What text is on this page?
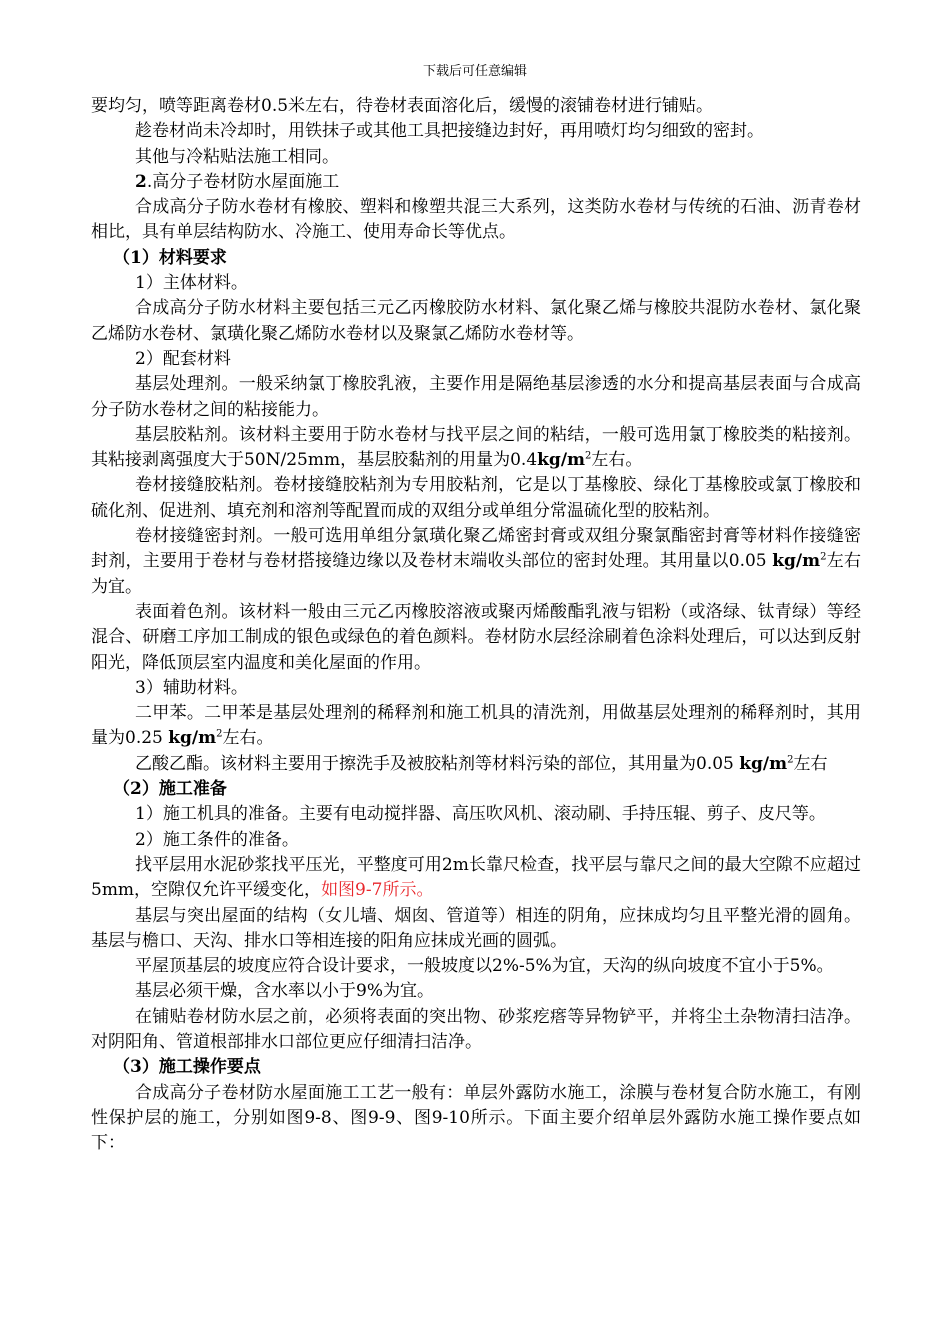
下载后可任意编辑

要均匀，喷等距离卷材0.5米左右，待卷材表面溶化后，缓慢的滚铺卷材进行铺贴。

趁卷材尚未冷却时，用铁抹子或其他工具把接缝边封好，再用喷灯均匀细致的密封。

其他与冷粘贴法施工相同。

2.高分子卷材防水屋面施工

合成高分子防水卷材有橡胶、塑料和橡塑共混三大系列，这类防水卷材与传统的石油、沥青卷材相比，具有单层结构防水、冷施工、使用寿命长等优点。

（1）材料要求

1）主体材料。

合成高分子防水材料主要包括三元乙丙橡胶防水材料、氯化聚乙烯与橡胶共混防水卷材、氯化聚乙烯防水卷材、氯璜化聚乙烯防水卷材以及聚氯乙烯防水卷材等。

2）配套材料

基层处理剂。一般采纳氯丁橡胶乳液，主要作用是隔绝基层渗透的水分和提高基层表面与合成高分子防水卷材之间的粘接能力。

基层胶粘剂。该材料主要用于防水卷材与找平层之间的粘结，一般可选用氯丁橡胶类的粘接剂。其粘接剥离强度大于50N/25mm，基层胶黏剂的用量为$0.4kg/m^2$左右。

卷材接缝胶粘剂。卷材接缝胶粘剂为专用胶粘剂，它是以丁基橡胶、绿化丁基橡胶或氯丁橡胶和硫化剂、促进剂、填充剂和溶剂等配置而成的双组分或单组分常温硫化型的胶粘剂。

卷材接缝密封剂。一般可选用单组分氯璜化聚乙烯密封膏或双组分聚氯酯密封膏等材料作接缝密封剂，主要用于卷材与卷材搭接缝边缘以及卷材末端收头部位的密封处理。其用量以0.05 $kg/m^2$左右为宜。

表面着色剂。该材料一般由三元乙丙橡胶溶液或聚丙烯酸酯乳液与铝粉（或洛绿、钛青绿）等经混合、研磨工序加工制成的银色或绿色的着色颜料。卷材防水层经涂刷着色涂料处理后，可以达到反射阳光，降低顶层室内温度和美化屋面的作用。

3）辅助材料。

二甲苯。二甲苯是基层处理剂的稀释剂和施工机具的清洗剂，用做基层处理剂的稀释剂时，其用量为0.25 $kg/m^2$左右。

乙酸乙酯。该材料主要用于擦洗手及被胶粘剂等材料污染的部位，其用量为0.05 $kg/m^2$左右

（2）施工准备

1）施工机具的准备。主要有电动搅拌器、高压吹风机、滚动刷、手持压辊、剪子、皮尺等。

2）施工条件的准备。

找平层用水泥砂浆找平压光，平整度可用2m长靠尺检查，找平层与靠尺之间的最大空隙不应超过5mm，空隙仅允许平缓变化，如图9-7所示。

基层与突出屋面的结构（女儿墙、烟囱、管道等）相连的阴角，应抹成均匀且平整光滑的圆角。基层与檐口、天沟、排水口等相连接的阳角应抹成光画的圆弧。

平屋顶基层的坡度应符合设计要求，一般坡度以2%-5%为宜，天沟的纵向坡度不宜小于5%。

基层必须干燥，含水率以小于9%为宜。

在铺贴卷材防水层之前，必须将表面的突出物、砂浆疙瘩等异物铲平，并将尘土杂物清扫洁净。对阴阳角、管道根部排水口部位更应仔细清扫洁净。

（3）施工操作要点

合成高分子卷材防水屋面施工工艺一般有：单层外露防水施工，涂膜与卷材复合防水施工，有刚性保护层的施工，分别如图9-8、图9-9、图9-10所示。下面主要介绍单层外露防水施工操作要点如下：
